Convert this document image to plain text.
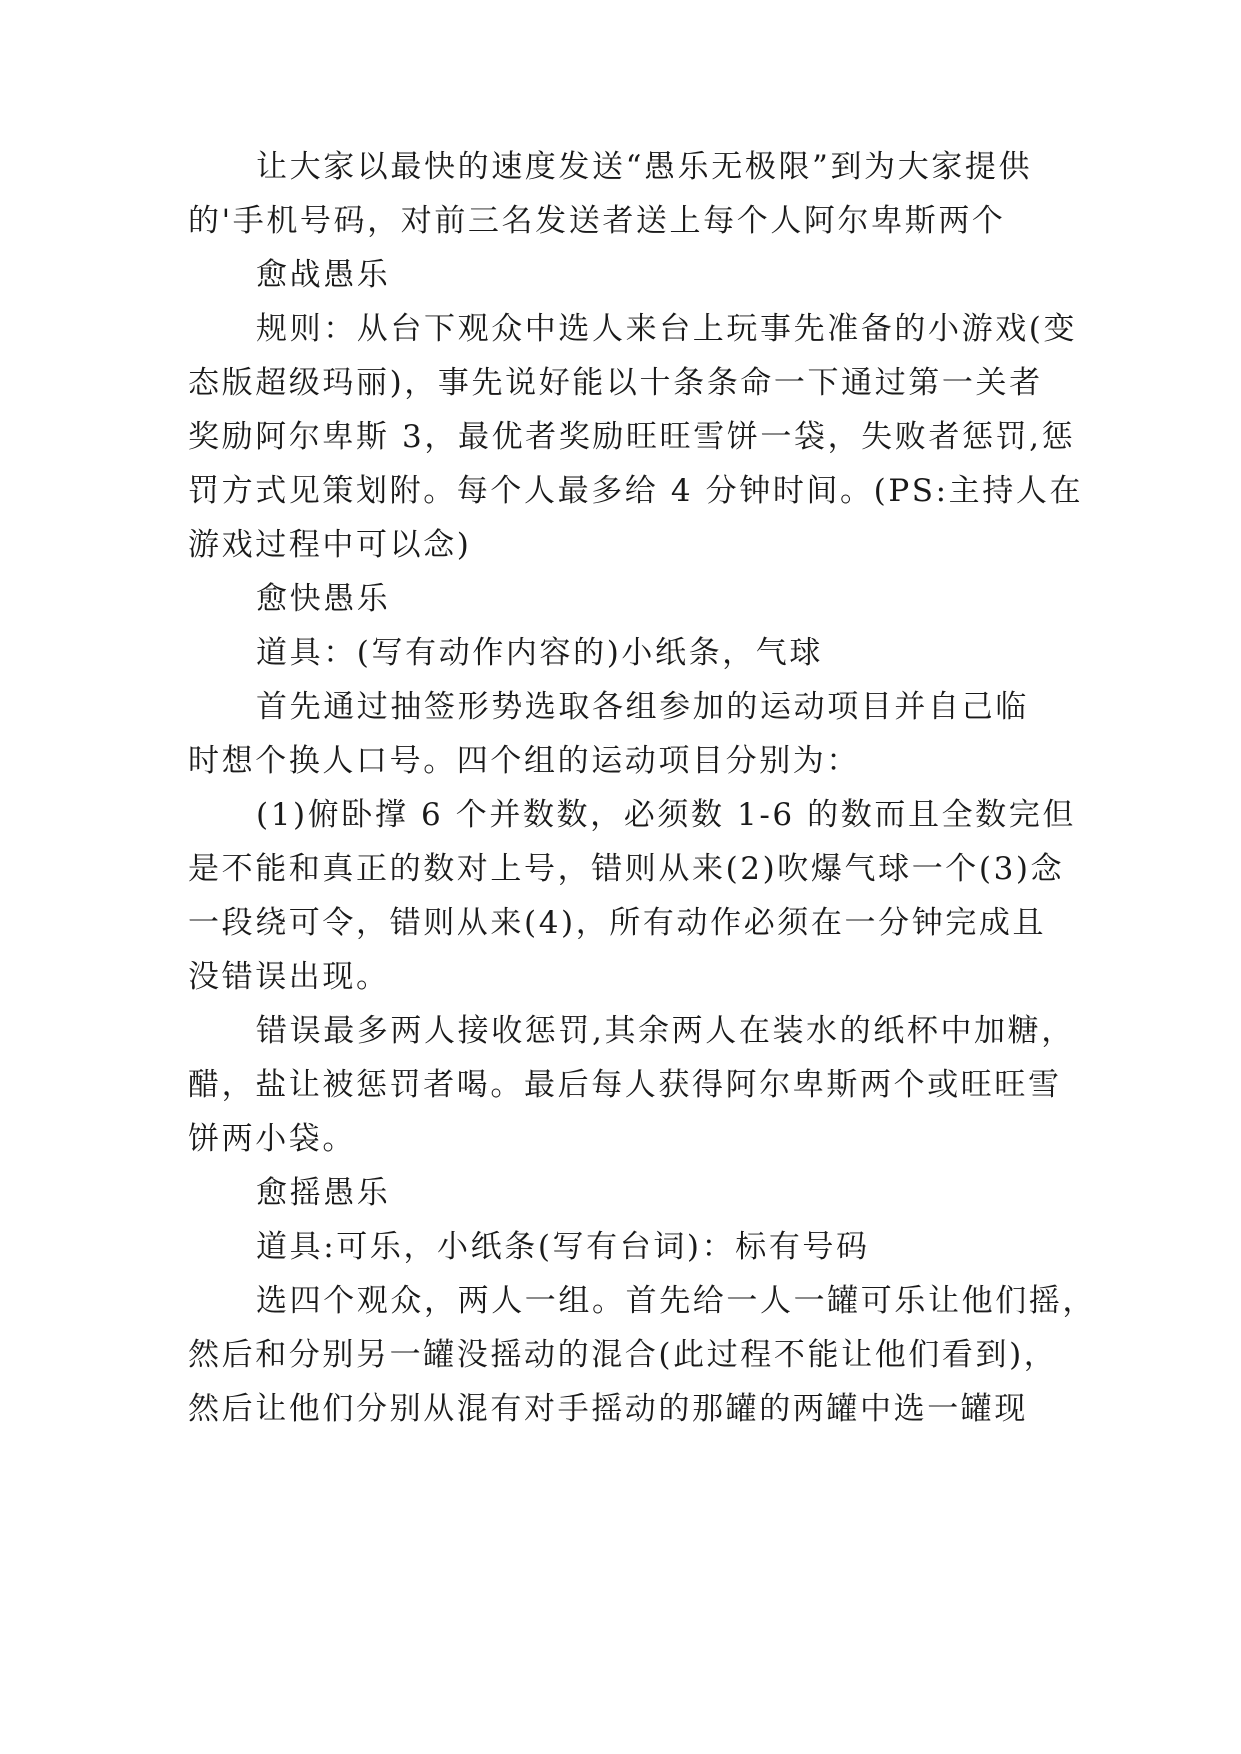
让大家以最快的速度发送“愚乐无极限”到为大家提供
的'手机号码，对前三名发送者送上每个人阿尔卑斯两个
愈战愚乐
规则：从台下观众中选人来台上玩事先准备的小游戏(变
态版超级玛丽)，事先说好能以十条条命一下通过第一关者
奖励阿尔卑斯 3，最优者奖励旺旺雪饼一袋，失败者惩罚,惩
罚方式见策划附。每个人最多给 4 分钟时间。(PS:主持人在
游戏过程中可以念)
愈快愚乐
道具：(写有动作内容的)小纸条，气球
首先通过抽签形势选取各组参加的运动项目并自己临
时想个换人口号。四个组的运动项目分别为：
(1)俯卧撑 6 个并数数，必须数 1-6 的数而且全数完但
是不能和真正的数对上号，错则从来(2)吹爆气球一个(3)念
一段绕可令，错则从来(4)，所有动作必须在一分钟完成且
没错误出现。
错误最多两人接收惩罚,其余两人在装水的纸杯中加糖，
醋，盐让被惩罚者喝。最后每人获得阿尔卑斯两个或旺旺雪
饼两小袋。
愈摇愚乐
道具:可乐，小纸条(写有台词)：标有号码
选四个观众，两人一组。首先给一人一罐可乐让他们摇，
然后和分别另一罐没摇动的混合(此过程不能让他们看到)，
然后让他们分别从混有对手摇动的那罐的两罐中选一罐现
